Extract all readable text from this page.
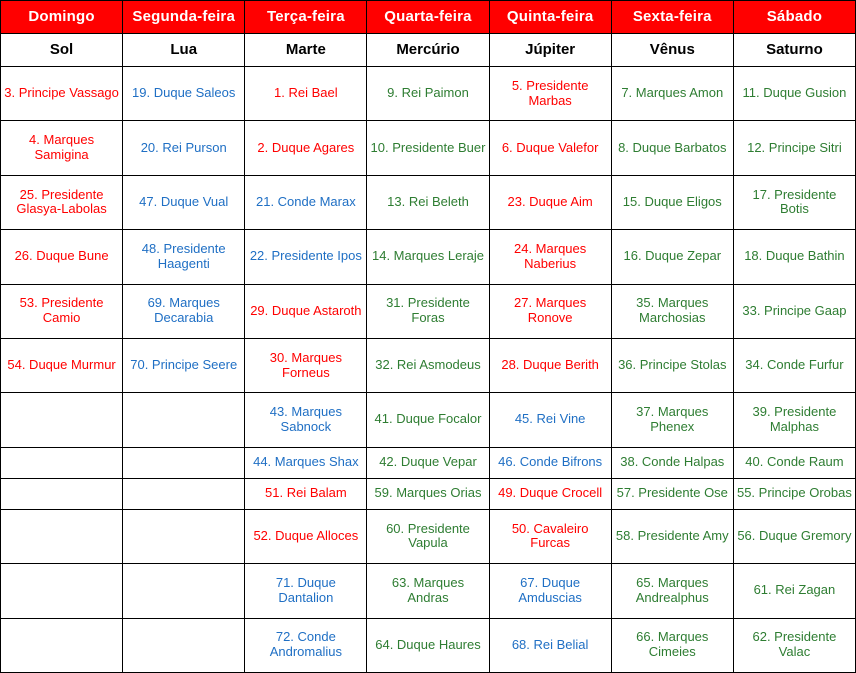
Domingo	Segunda-feira	Terça-feira	Quarta-feira	Quinta-feira	Sexta-feira	Sábado
Sol	Lua	Marte	Mercúrio	Júpiter	Vênus	Saturno
3. Principe Vassago	19. Duque Saleos	1. Rei Bael	9. Rei Paimon	5. Presidente Marbas	7. Marques Amon	11. Duque Gusion
4. Marques Samigina	20. Rei Purson	2. Duque Agares	10. Presidente Buer	6. Duque Valefor	8. Duque Barbatos	12. Principe Sitri
25. Presidente Glasya-Labolas	47. Duque Vual	21. Conde Marax	13. Rei Beleth	23. Duque Aim	15. Duque Eligos	17. Presidente Botis
26. Duque Bune	48. Presidente Haagenti	22. Presidente Ipos	14. Marques Leraje	24. Marques Naberius	16. Duque Zepar	18. Duque Bathin
53. Presidente Camio	69. Marques Decarabia	29. Duque Astaroth	31. Presidente Foras	27. Marques Ronove	35. Marques Marchosias	33. Principe Gaap
54. Duque Murmur	70. Principe Seere	30. Marques Forneus	32. Rei Asmodeus	28. Duque Berith	36. Principe Stolas	34. Conde Furfur
		43. Marques Sabnock	41. Duque Focalor	45. Rei Vine	37. Marques Phenex	39. Presidente Malphas
		44. Marques Shax	42. Duque Vepar	46. Conde Bifrons	38. Conde Halpas	40. Conde Raum
		51. Rei Balam	59. Marques Orias	49. Duque Crocell	57. Presidente Ose	55. Principe Orobas
		52. Duque Alloces	60. Presidente Vapula	50. Cavaleiro Furcas	58. Presidente Amy	56. Duque Gremory
		71. Duque Dantalion	63. Marques Andras	67. Duque Amduscias	65. Marques Andrealphus	61. Rei Zagan
		72. Conde Andromalius	64. Duque Haures	68. Rei Belial	66. Marques Cimeies	62. Presidente Valac
